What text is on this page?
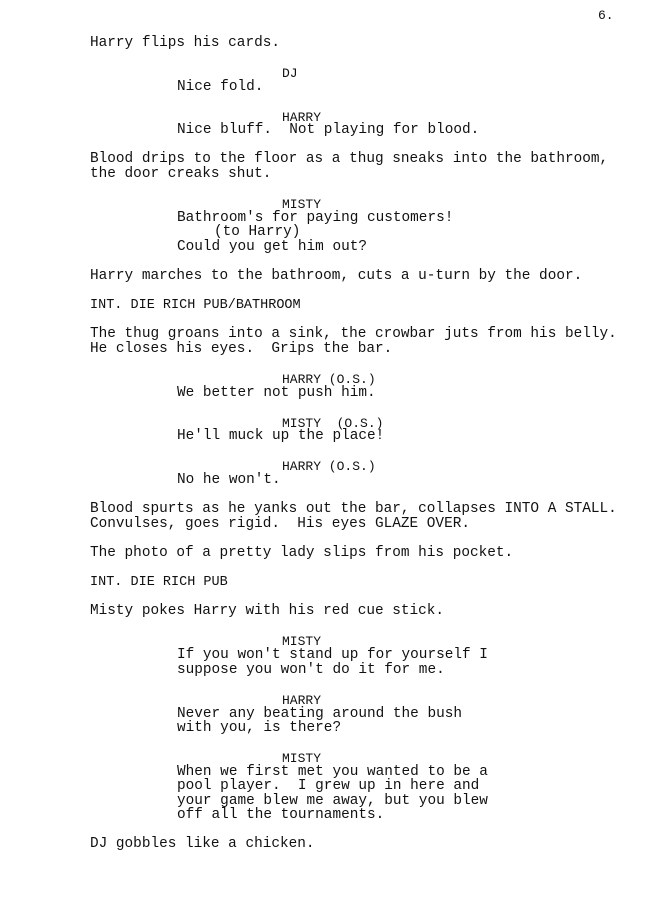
6.

Harry flips his cards.

DJ

Nice fold.

HARRY

Nice bluff.  Not playing for blood.

Blood drips to the floor as a thug sneaks into the bathroom,

the door creaks shut.

MISTY

Bathroom's for paying customers!

(to Harry)

Could you get him out?

Harry marches to the bathroom, cuts a u-turn by the door.

INT. DIE RICH PUB/BATHROOM

The thug groans into a sink, the crowbar juts from his belly.

He closes his eyes.  Grips the bar.

HARRY (O.S.)

We better not push him.

MISTY  (O.S.)

He'll muck up the place!

HARRY (O.S.)

No he won't.

Blood spurts as he yanks out the bar, collapses INTO A STALL.

Convulses, goes rigid.  His eyes GLAZE OVER.

The photo of a pretty lady slips from his pocket.

INT. DIE RICH PUB

Misty pokes Harry with his red cue stick.

MISTY

If you won't stand up for yourself I

suppose you won't do it for me.

HARRY

Never any beating around the bush

with you, is there?

MISTY

When we first met you wanted to be a

pool player.  I grew up in here and

your game blew me away, but you blew

off all the tournaments.

DJ gobbles like a chicken.
